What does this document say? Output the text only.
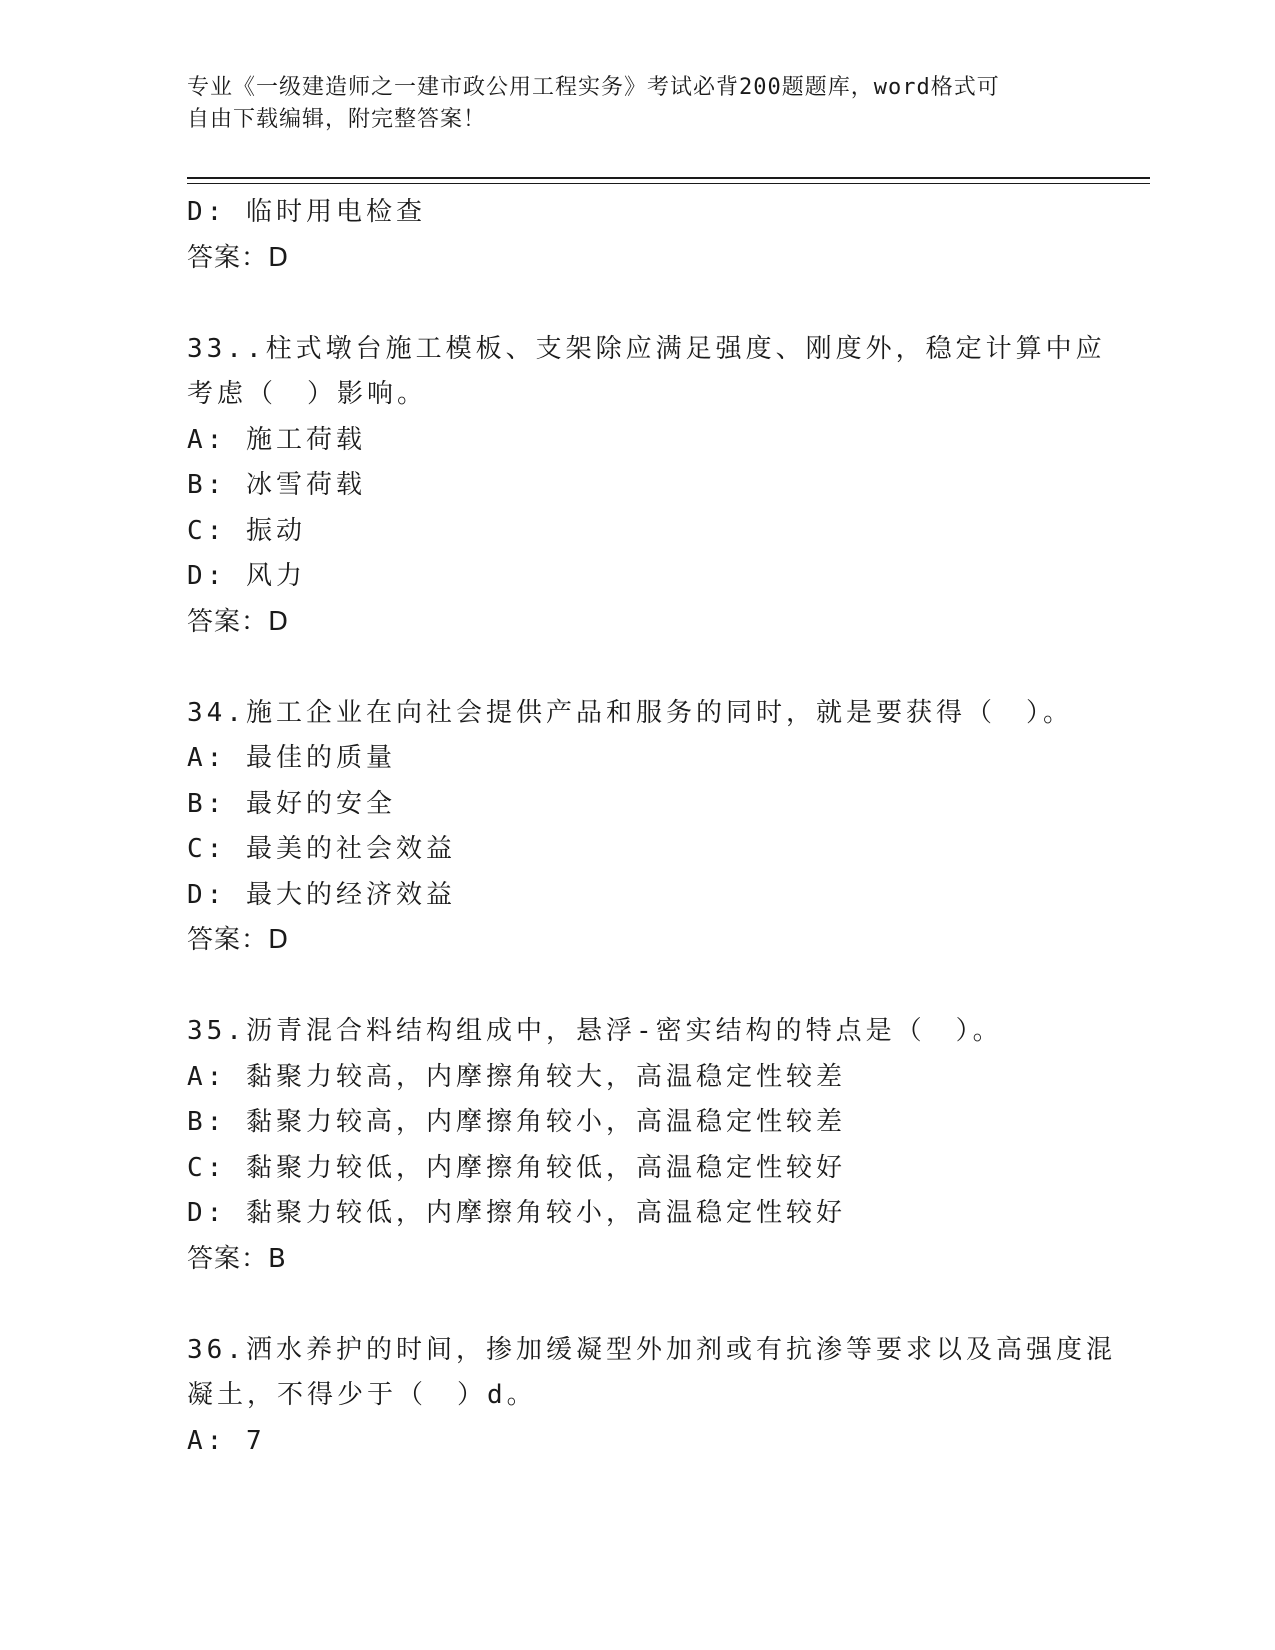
专业《一级建造师之一建市政公用工程实务》考试必背200题题库，word格式可
自由下载编辑，附完整答案！
D: 临时用电检查
答案：D
33..柱式墩台施工模板、支架除应满足强度、刚度外，稳定计算中应
考虑（　）影响。
A: 施工荷载
B: 冰雪荷载
C: 振动
D: 风力
答案：D
34.施工企业在向社会提供产品和服务的同时，就是要获得（　）。
A: 最佳的质量
B: 最好的安全
C: 最美的社会效益
D: 最大的经济效益
答案：D
35.沥青混合料结构组成中，悬浮-密实结构的特点是（　）。
A: 黏聚力较高，内摩擦角较大，高温稳定性较差
B: 黏聚力较高，内摩擦角较小，高温稳定性较差
C: 黏聚力较低，内摩擦角较低，高温稳定性较好
D: 黏聚力较低，内摩擦角较小，高温稳定性较好
答案：B
36.洒水养护的时间，掺加缓凝型外加剂或有抗渗等要求以及高强度混
凝土，不得少于（　）d。
A: 7
